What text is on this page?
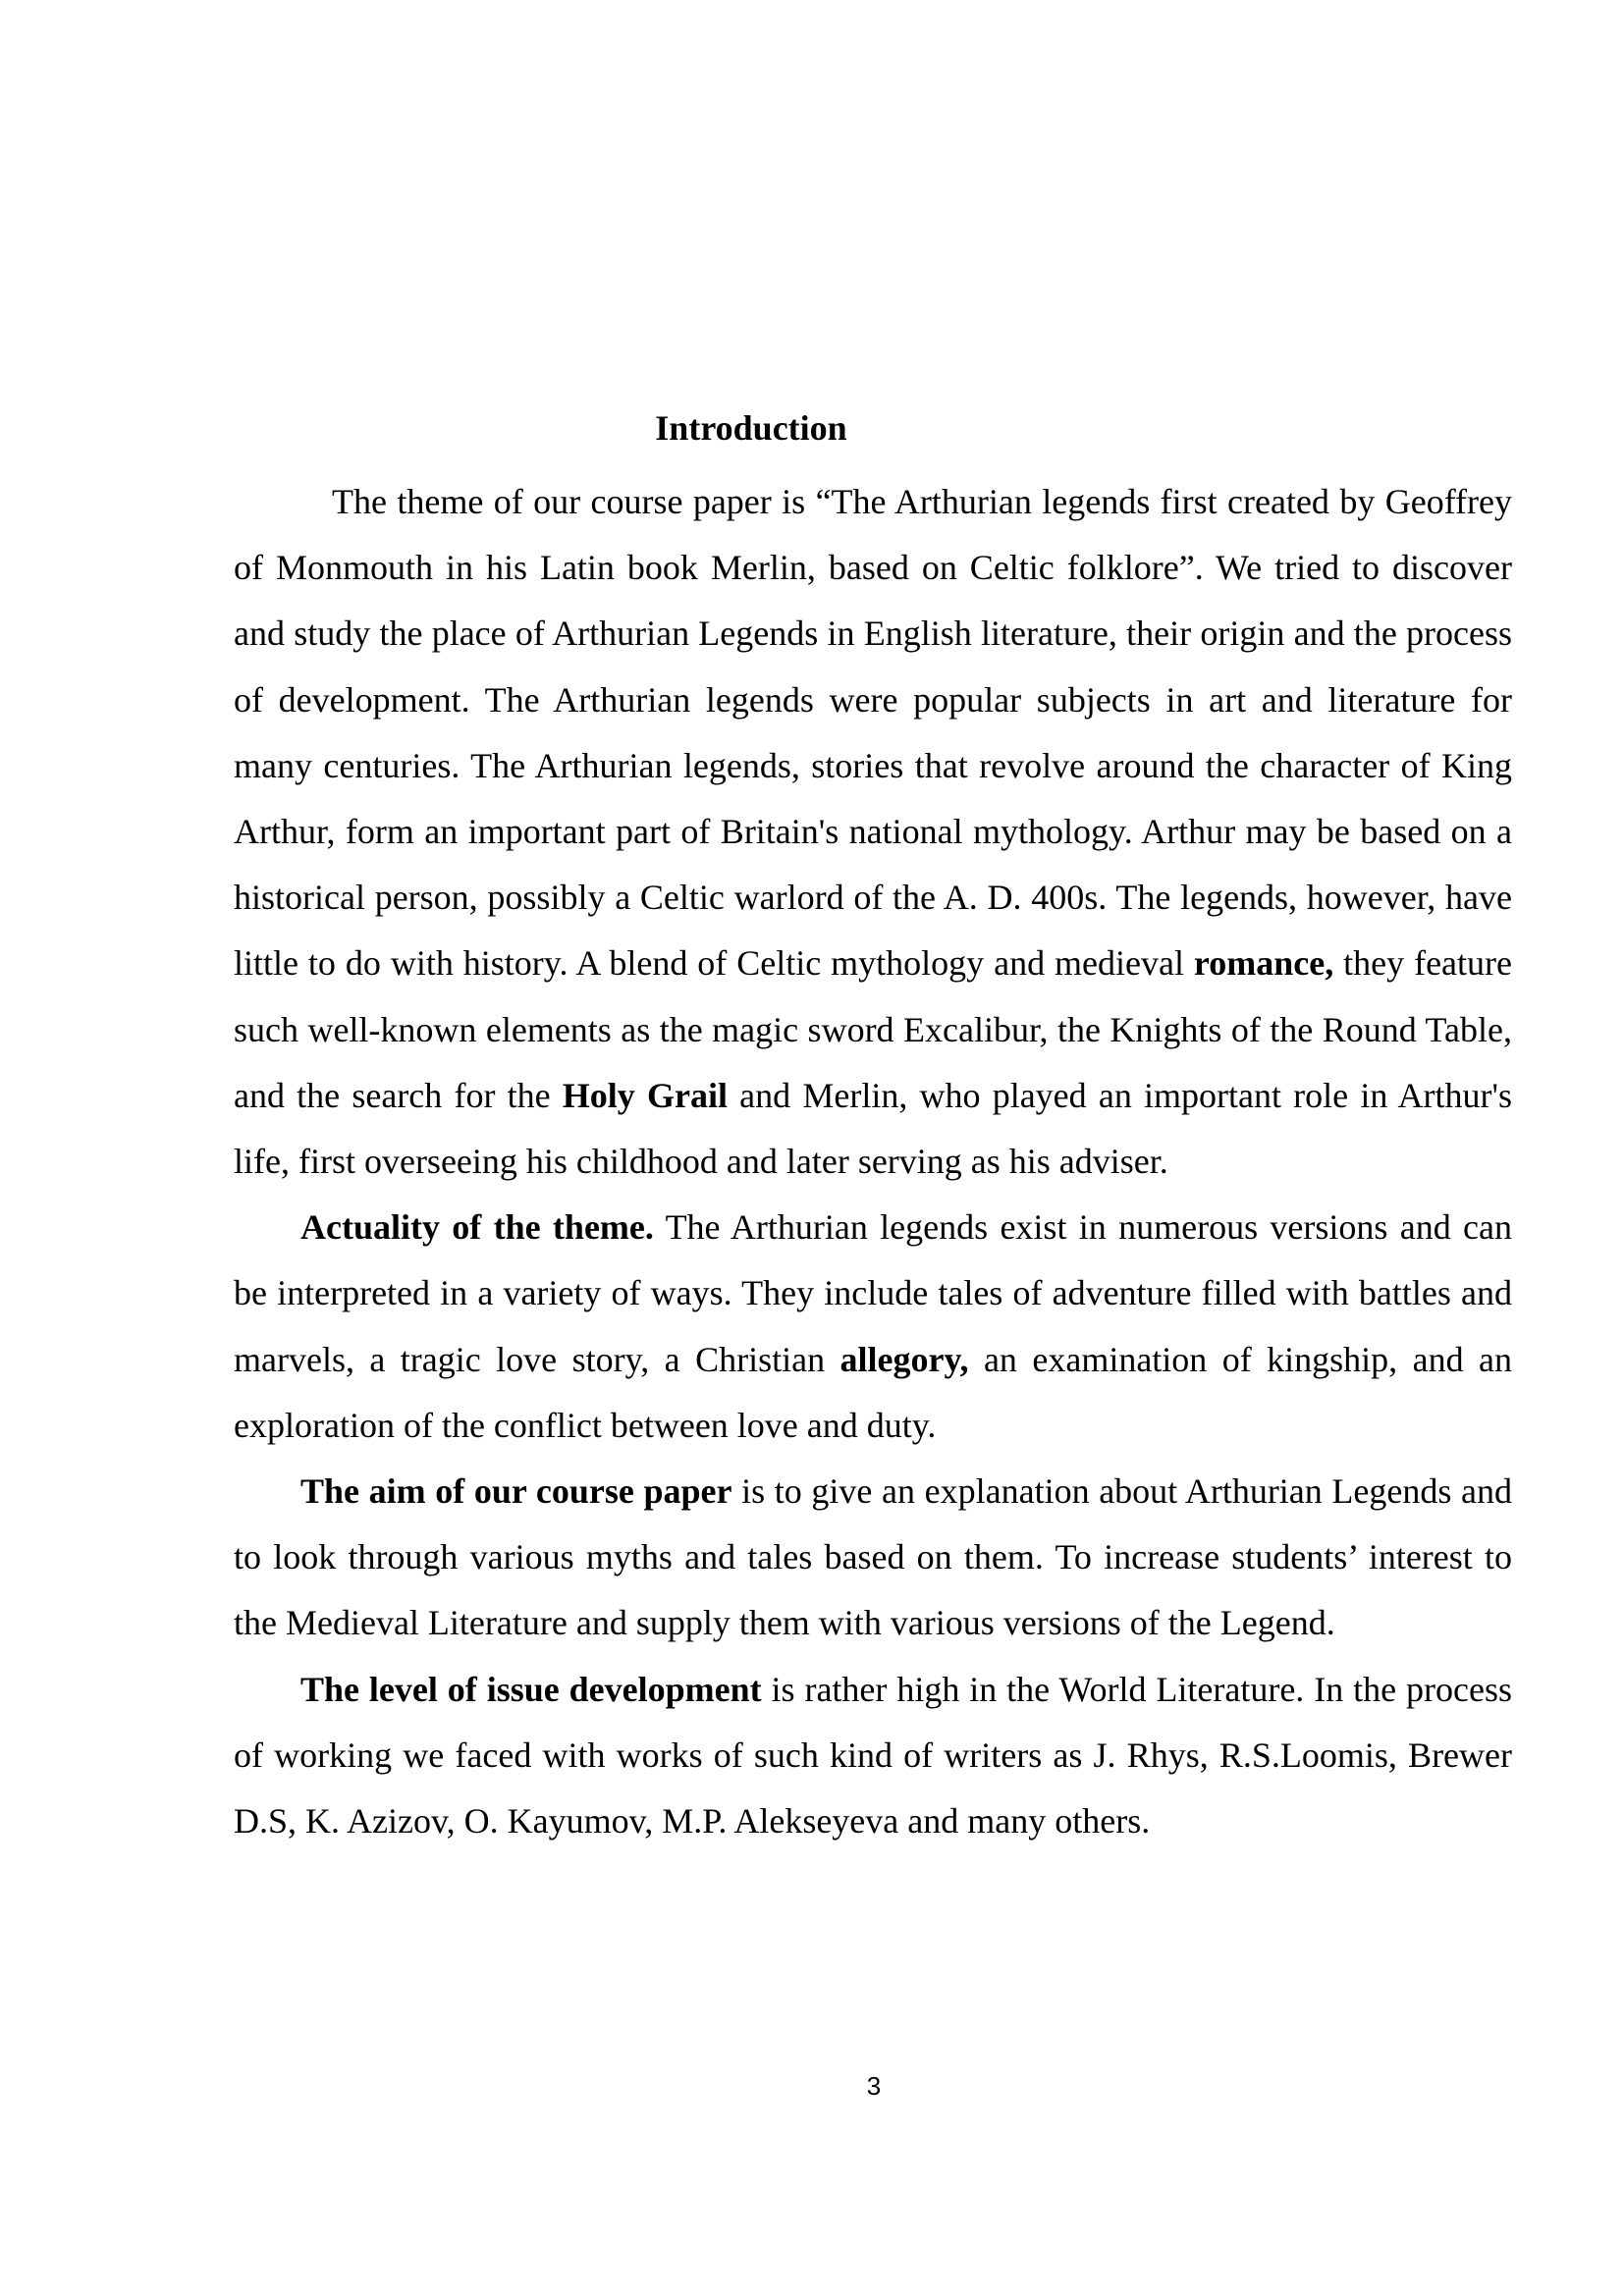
Introduction

The theme of our course paper is “The Arthurian legends first created by Geoffrey of Monmouth in his Latin book Merlin, based on Celtic folklore”. We tried to discover and study the place of Arthurian Legends in English literature, their origin and the process of development. The Arthurian legends were popular subjects in art and literature for many centuries. The Arthurian legends, stories that revolve around the character of King Arthur, form an important part of Britain's national mythology. Arthur may be based on a historical person, possibly a Celtic warlord of the A. D. 400s. The legends, however, have little to do with history. A blend of Celtic mythology and medieval romance, they feature such well-known elements as the magic sword Excalibur, the Knights of the Round Table, and the search for the Holy Grail and Merlin, who played an important role in Arthur's life, first overseeing his childhood and later serving as his adviser.

Actuality of the theme. The Arthurian legends exist in numerous versions and can be interpreted in a variety of ways. They include tales of adventure filled with battles and marvels, a tragic love story, a Christian allegory, an examination of kingship, and an exploration of the conflict between love and duty.

The aim of our course paper is to give an explanation about Arthurian Legends and to look through various myths and tales based on them. To increase students’ interest to the Medieval Literature and supply them with various versions of the Legend.

The level of issue development is rather high in the World Literature. In the process of working we faced with works of such kind of writers as J. Rhys, R.S.Loomis, Brewer D.S, K. Azizov, O. Kayumov, M.P. Alekseyeva and many others.

3
